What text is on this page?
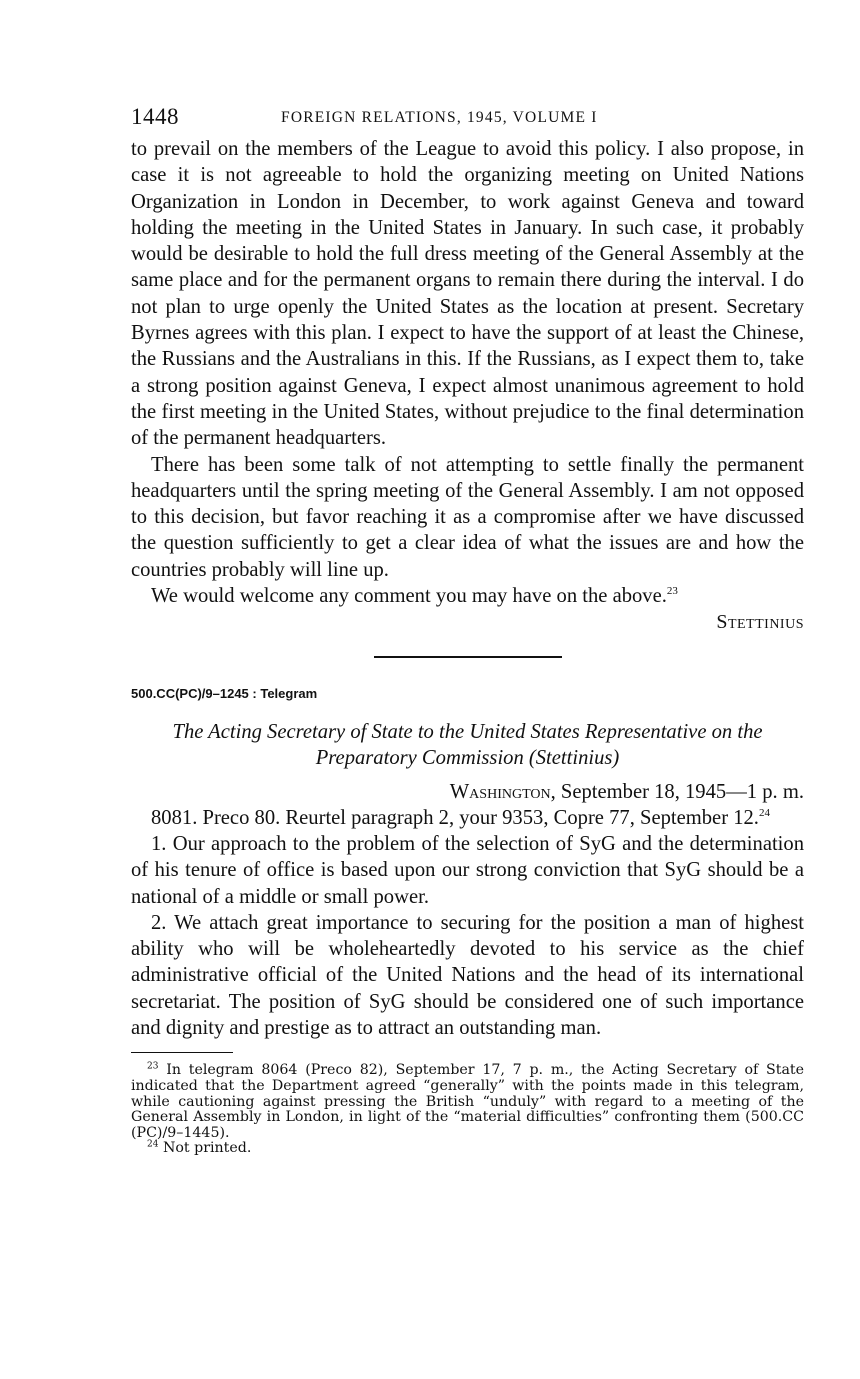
1448	FOREIGN RELATIONS, 1945, VOLUME I

to prevail on the members of the League to avoid this policy. I also propose, in case it is not agreeable to hold the organizing meeting on United Nations Organization in London in December, to work against Geneva and toward holding the meeting in the United States in January. In such case, it probably would be desirable to hold the full dress meeting of the General Assembly at the same place and for the permanent organs to remain there during the interval. I do not plan to urge openly the United States as the location at present. Secretary Byrnes agrees with this plan. I expect to have the support of at least the Chinese, the Russians and the Australians in this. If the Russians, as I expect them to, take a strong position against Geneva, I expect almost unanimous agreement to hold the first meeting in the United States, without prejudice to the final determination of the permanent headquarters.

There has been some talk of not attempting to settle finally the permanent headquarters until the spring meeting of the General Assembly. I am not opposed to this decision, but favor reaching it as a compromise after we have discussed the question sufficiently to get a clear idea of what the issues are and how the countries probably will line up.

We would welcome any comment you may have on the above.$^{23}$

Stettinius

500.CC(PC)/9–1245 : Telegram

The Acting Secretary of State to the United States Representative on the Preparatory Commission (Stettinius)

Washington, September 18, 1945—1 p. m.

8081. Preco 80. Reurtel paragraph 2, your 9353, Copre 77, September 12.24

1. Our approach to the problem of the selection of SyG and the determination of his tenure of office is based upon our strong conviction that SyG should be a national of a middle or small power.

2. We attach great importance to securing for the position a man of highest ability who will be wholeheartedly devoted to his service as the chief administrative official of the United Nations and the head of its international secretariat. The position of SyG should be considered one of such importance and dignity and prestige as to attract an outstanding man.

$^{23}$ In telegram 8064 (Preco 82), September 17, 7 p. m., the Acting Secretary of State indicated that the Department agreed “generally” with the points made in this telegram, while cautioning against pressing the British “unduly” with regard to a meeting of the General Assembly in London, in light of the “material difficulties” confronting them (500.CC (PC)/9–1445).

$^{24}$ Not printed.
